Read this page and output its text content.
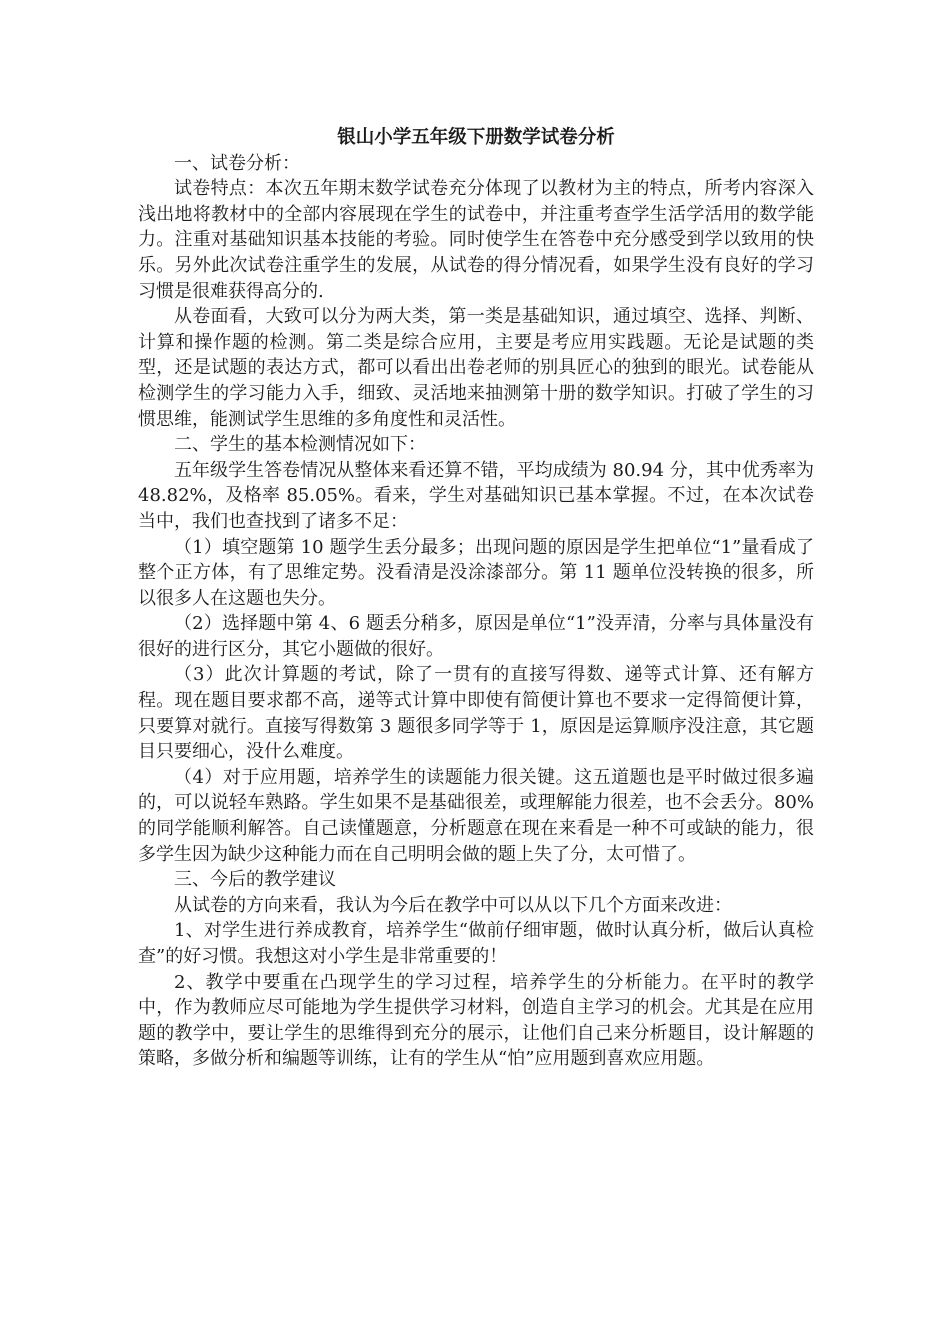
银山小学五年级下册数学试卷分析

一、试卷分析：

试卷特点：本次五年期末数学试卷充分体现了以教材为主的特点，所考内容深入浅出地将教材中的全部内容展现在学生的试卷中，并注重考查学生活学活用的数学能力。注重对基础知识基本技能的考验。同时使学生在答卷中充分感受到学以致用的快乐。另外此次试卷注重学生的发展，从试卷的得分情况看，如果学生没有良好的学习习惯是很难获得高分的.

从卷面看，大致可以分为两大类，第一类是基础知识，通过填空、选择、判断、计算和操作题的检测。第二类是综合应用，主要是考应用实践题。无论是试题的类型，还是试题的表达方式，都可以看出出卷老师的别具匠心的独到的眼光。试卷能从检测学生的学习能力入手，细致、灵活地来抽测第十册的数学知识。打破了学生的习惯思维，能测试学生思维的多角度性和灵活性。

二、学生的基本检测情况如下：

五年级学生答卷情况从整体来看还算不错，平均成绩为 80.94 分，其中优秀率为 48.82%，及格率 85.05%。看来，学生对基础知识已基本掌握。不过，在本次试卷当中，我们也查找到了诸多不足：

（1）填空题第 10 题学生丢分最多；出现问题的原因是学生把单位“1”量看成了整个正方体，有了思维定势。没看清是没涂漆部分。第 11 题单位没转换的很多，所以很多人在这题也失分。

（2）选择题中第 4、6 题丢分稍多，原因是单位“1”没弄清，分率与具体量没有很好的进行区分，其它小题做的很好。

（3）此次计算题的考试，除了一贯有的直接写得数、递等式计算、还有解方程。现在题目要求都不高，递等式计算中即使有简便计算也不要求一定得简便计算，只要算对就行。直接写得数第 3 题很多同学等于 1，原因是运算顺序没注意，其它题目只要细心，没什么难度。

（4）对于应用题，培养学生的读题能力很关键。这五道题也是平时做过很多遍的，可以说轻车熟路。学生如果不是基础很差，或理解能力很差，也不会丢分。80%的同学能顺利解答。自己读懂题意，分析题意在现在来看是一种不可或缺的能力，很多学生因为缺少这种能力而在自己明明会做的题上失了分，太可惜了。

三、今后的教学建议

从试卷的方向来看，我认为今后在教学中可以从以下几个方面来改进：

1、对学生进行养成教育，培养学生“做前仔细审题，做时认真分析，做后认真检查”的好习惯。我想这对小学生是非常重要的！

2、教学中要重在凸现学生的学习过程，培养学生的分析能力。在平时的教学中，作为教师应尽可能地为学生提供学习材料，创造自主学习的机会。尤其是在应用题的教学中，要让学生的思维得到充分的展示，让他们自己来分析题目，设计解题的策略，多做分析和编题等训练，让有的学生从“怕”应用题到喜欢应用题。
